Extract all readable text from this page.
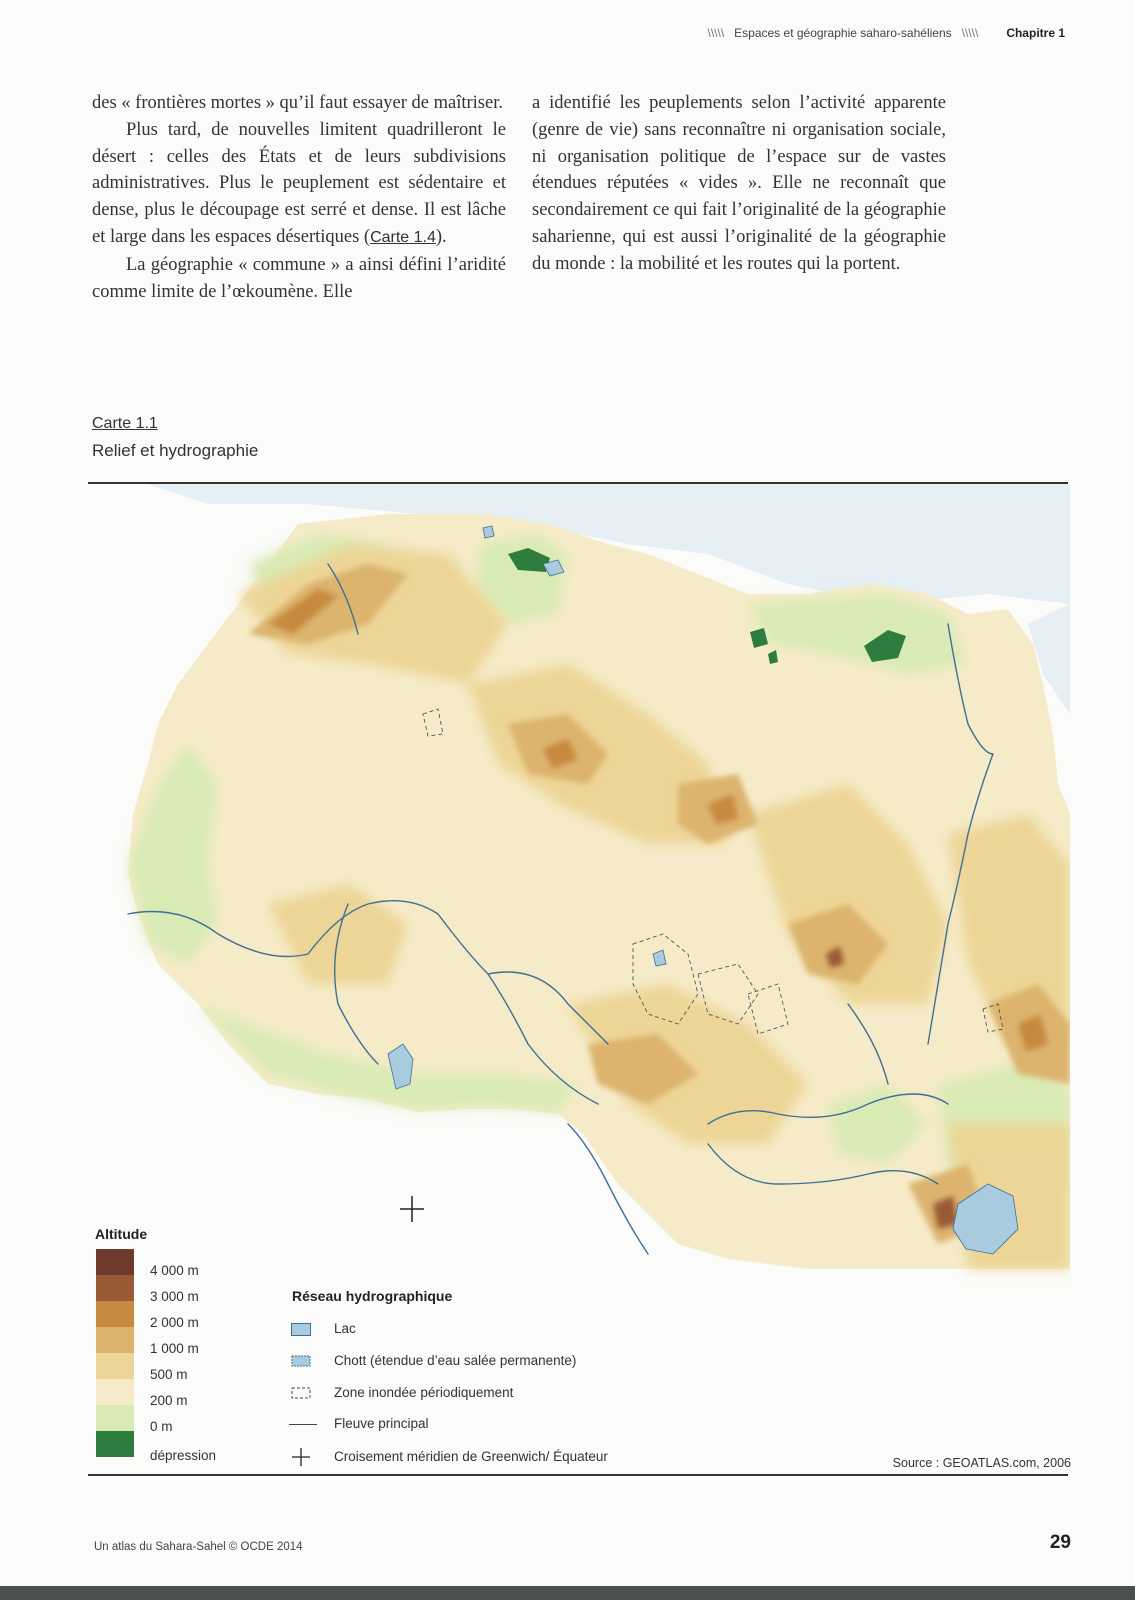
\\\\\ Espaces et géographie saharo-sahéliens \\\\\ Chapitre 1

des « frontières mortes » qu’il faut essayer de maîtriser.

Plus tard, de nouvelles limitent quadrilleront le désert : celles des États et de leurs subdivisions administratives. Plus le peuplement est sédentaire et dense, plus le découpage est serré et dense. Il est lâche et large dans les espaces désertiques (Carte 1.4).

La géographie « commune » a ainsi défini l’aridité comme limite de l’œkoumène. Elle

a identifié les peuplements selon l’activité apparente (genre de vie) sans reconnaître ni organisation sociale, ni organisation politique de l’espace sur de vastes étendues réputées « vides ». Elle ne reconnaît que secondairement ce qui fait l’originalité de la géographie saharienne, qui est aussi l’originalité de la géographie du monde : la mobilité et les routes qui la portent.

Carte 1.1
Relief et hydrographie
Altitude
4 000 m
3 000 m
2 000 m
1 000 m
500 m
200 m
0 m
dépression
Réseau hydrographique
Lac
Chott (étendue d’eau salée permanente)
Zone inondée périodiquement
Fleuve principal
Croisement méridien de Greenwich/ Équateur	Source : GEOATLAS.com, 2006
Un atlas du Sahara-Sahel © OCDE 2014	29
